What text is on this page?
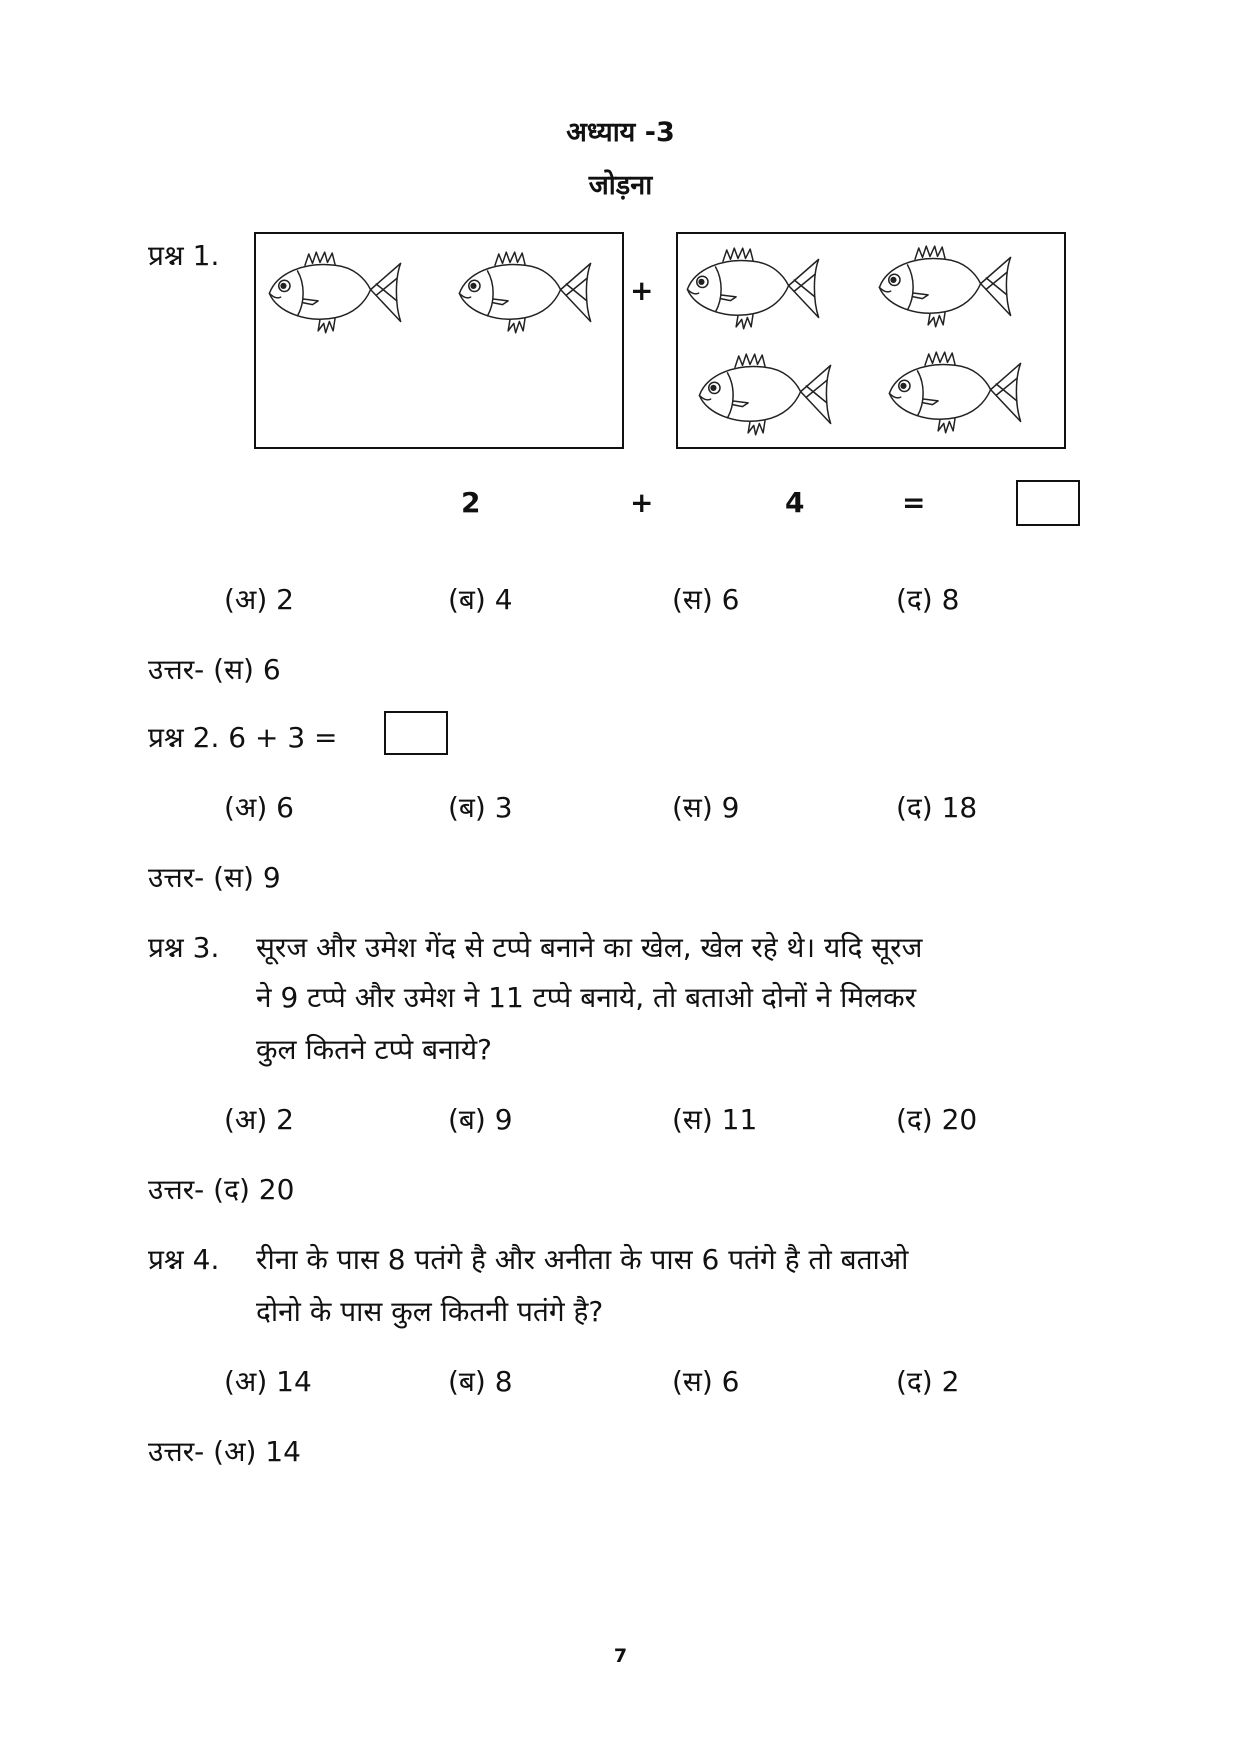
अध्याय -3
जोड़ना
प्रश्न 1.
+
2	+	4	=
(अ) 2	(ब) 4	(स) 6	(द) 8
उत्तर- (स) 6
प्रश्न 2. 6 + 3 =
(अ) 6	(ब) 3	(स) 9	(द) 18
उत्तर- (स) 9
प्रश्न 3. सूरज और उमेश गेंद से टप्पे बनाने का खेल, खेल रहे थे। यदि सूरज
ने 9 टप्पे और उमेश ने 11 टप्पे बनाये, तो बताओ दोनों ने मिलकर
कुल कितने टप्पे बनाये?
(अ) 2	(ब) 9	(स) 11	(द) 20
उत्तर- (द) 20
प्रश्न 4. रीना के पास 8 पतंगे है और अनीता के पास 6 पतंगे है तो बताओ
दोनो के पास कुल कितनी पतंगे है?
(अ) 14	(ब) 8	(स) 6	(द) 2
उत्तर- (अ) 14
7
